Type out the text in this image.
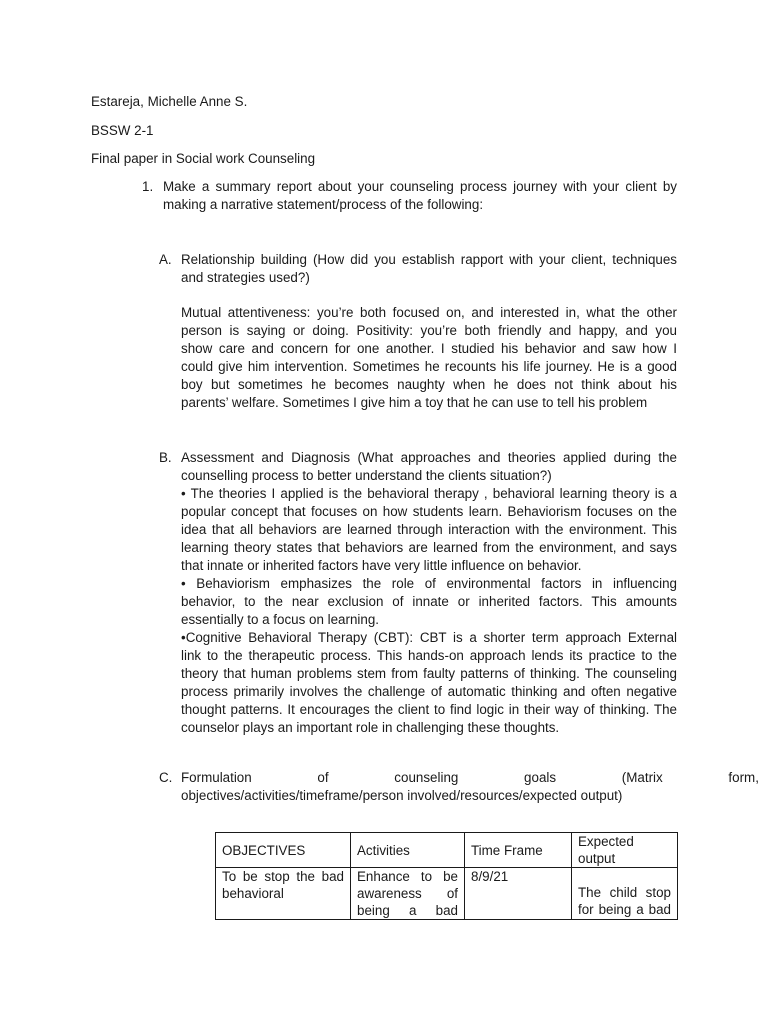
Estareja, Michelle Anne S.
BSSW 2-1
Final paper in Social work Counseling
1. Make a summary report about your counseling process journey with your client by
making a narrative statement/process of the following:
A. Relationship building (How did you establish rapport with your client, techniques
and strategies used?)
Mutual attentiveness: you’re both focused on, and interested in, what the other
person is saying or doing. Positivity: you’re both friendly and happy, and you
show care and concern for one another. I studied his behavior and saw how I
could give him intervention. Sometimes he recounts his life journey. He is a good
boy but sometimes he becomes naughty when he does not think about his
parents’ welfare. Sometimes I give him a toy that he can use to tell his problem
B. Assessment and Diagnosis (What approaches and theories applied during the
counselling process to better understand the clients situation?)
• The theories I applied is the behavioral therapy , behavioral learning theory is a
popular concept that focuses on how students learn. Behaviorism focuses on the
idea that all behaviors are learned through interaction with the environment. This
learning theory states that behaviors are learned from the environment, and says
that innate or inherited factors have very little influence on behavior.
• Behaviorism emphasizes the role of environmental factors in influencing
behavior, to the near exclusion of innate or inherited factors. This amounts
essentially to a focus on learning.
•Cognitive Behavioral Therapy (CBT): CBT is a shorter term approach External
link to the therapeutic process. This hands-on approach lends its practice to the
theory that human problems stem from faulty patterns of thinking. The counseling
process primarily involves the challenge of automatic thinking and often negative
thought patterns. It encourages the client to find logic in their way of thinking. The
counselor plays an important role in challenging these thoughts.
C. Formulation of counseling goals (Matrix form,
objectives/activities/timeframe/person involved/resources/expected output)
OBJECTIVES	Activities	Time Frame	Expected output
To be stop the bad behavioral	Enhance to be awareness of being a bad	8/9/21	The child stop for being a bad
